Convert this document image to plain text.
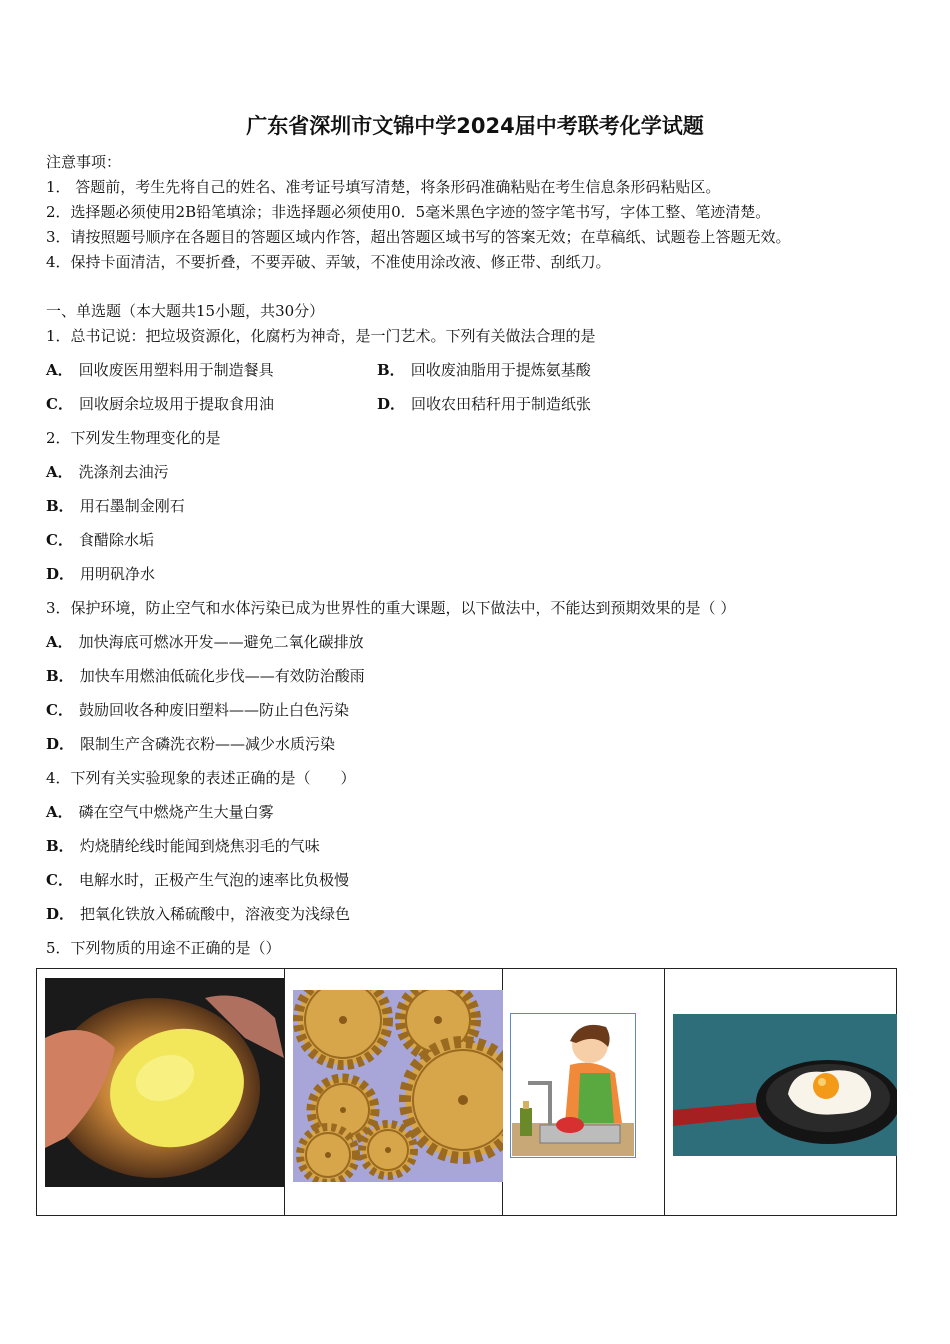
广东省深圳市文锦中学2024届中考联考化学试题
注意事项：
1． 答题前，考生先将自己的姓名、准考证号填写清楚，将条形码准确粘贴在考生信息条形码粘贴区。
2．选择题必须使用2B铅笔填涂；非选择题必须使用0．5毫米黑色字迹的签字笔书写，字体工整、笔迹清楚。
3．请按照题号顺序在各题目的答题区域内作答，超出答题区域书写的答案无效；在草稿纸、试题卷上答题无效。
4．保持卡面清洁，不要折叠，不要弄破、弄皱，不准使用涂改液、修正带、刮纸刀。
一、单选题（本大题共15小题，共30分）
1．总书记说：把垃圾资源化，化腐朽为神奇，是一门艺术。下列有关做法合理的是
A． 回收废医用塑料用于制造餐具	B． 回收废油脂用于提炼氨基酸
C． 回收厨余垃圾用于提取食用油	D． 回收农田秸秆用于制造纸张
2．下列发生物理变化的是
A． 洗涤剂去油污
B． 用石墨制金刚石
C． 食醋除水垢
D． 用明矾净水
3．保护环境，防止空气和水体污染已成为世界性的重大课题，以下做法中，不能达到预期效果的是（ ）
A． 加快海底可燃冰开发——避免二氧化碳排放
B． 加快车用燃油低硫化步伐——有效防治酸雨
C． 鼓励回收各种废旧塑料——防止白色污染
D． 限制生产含磷洗衣粉——减少水质污染
4．下列有关实验现象的表述正确的是（　　）
A． 磷在空气中燃烧产生大量白雾
B． 灼烧腈纶线时能闻到烧焦羽毛的气味
C． 电解水时，正极产生气泡的速率比负极慢
D． 把氧化铁放入稀硫酸中，溶液变为浅绿色
5．下列物质的用途不正确的是（）
